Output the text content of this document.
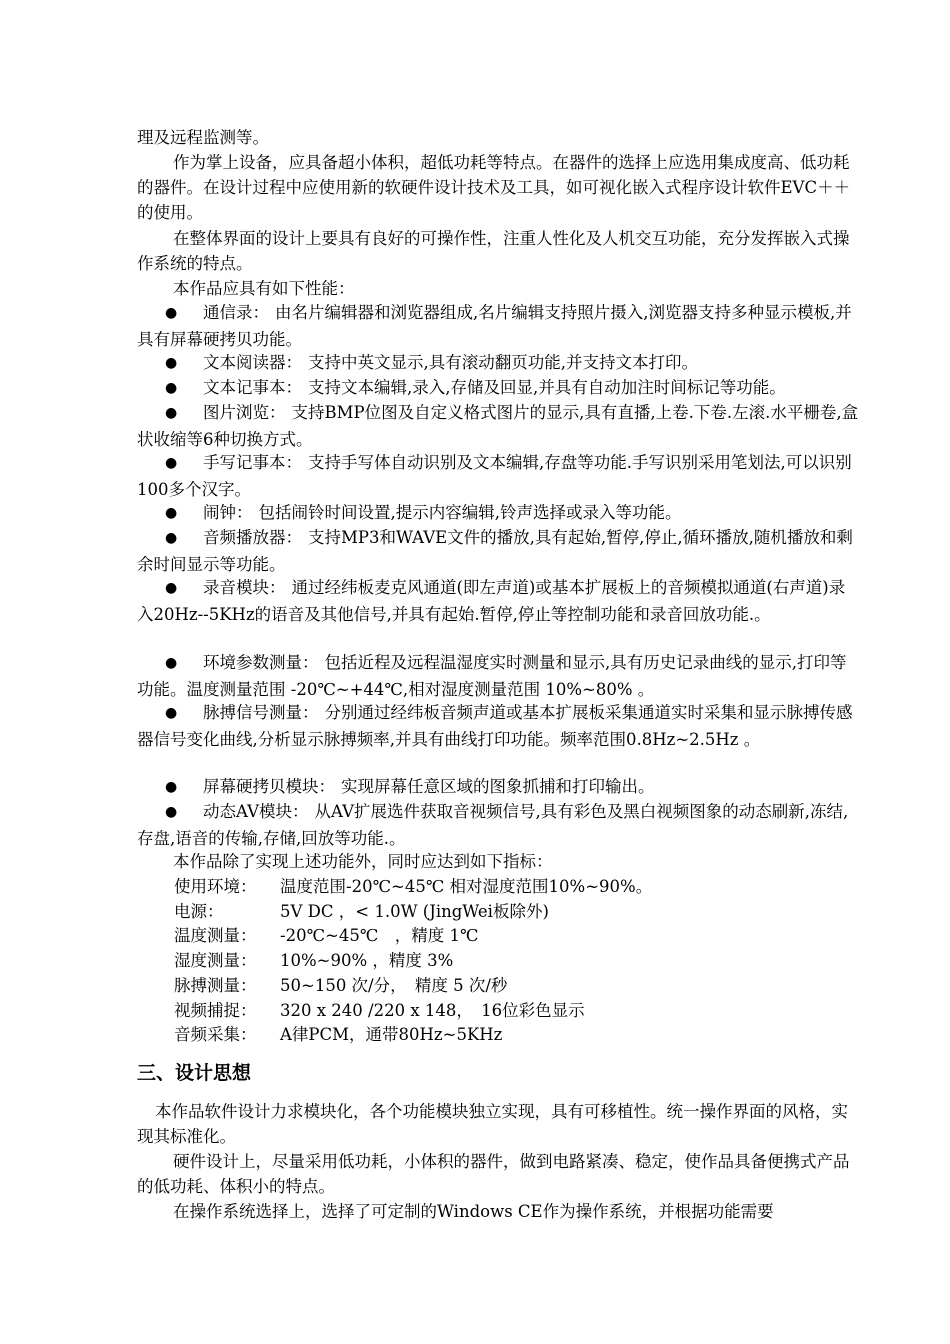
理及远程监测等。

作为掌上设备，应具备超小体积，超低功耗等特点。在器件的选择上应选用集成度高、低功耗的器件。在设计过程中应使用新的软硬件设计技术及工具，如可视化嵌入式程序设计软件EVC＋＋的使用。

在整体界面的设计上要具有良好的可操作性，注重人性化及人机交互功能，充分发挥嵌入式操作系统的特点。

本作品应具有如下性能：

● 通信录： 由名片编辑器和浏览器组成,名片编辑支持照片摄入,浏览器支持多种显示模板,并具有屏幕硬拷贝功能。

● 文本阅读器： 支持中英文显示,具有滚动翻页功能,并支持文本打印。

● 文本记事本： 支持文本编辑,录入,存储及回显,并具有自动加注时间标记等功能。

● 图片浏览： 支持BMP位图及自定义格式图片的显示,具有直播,上卷.下卷.左滚.水平栅卷,盒状收缩等6种切换方式。

● 手写记事本： 支持手写体自动识别及文本编辑,存盘等功能.手写识别采用笔划法,可以识别100多个汉字。

● 闹钟： 包括闹铃时间设置,提示内容编辑,铃声选择或录入等功能。

● 音频播放器： 支持MP3和WAVE文件的播放,具有起始,暂停,停止,循环播放,随机播放和剩余时间显示等功能。

● 录音模块： 通过经纬板麦克风通道(即左声道)或基本扩展板上的音频模拟通道(右声道)录入20Hz--5KHz的语音及其他信号,并具有起始.暂停,停止等控制功能和录音回放功能.。

● 环境参数测量： 包括近程及远程温湿度实时测量和显示,具有历史记录曲线的显示,打印等功能。温度测量范围 -20℃~+44℃,相对湿度测量范围 10%~80% 。

● 脉搏信号测量： 分别通过经纬板音频声道或基本扩展板采集通道实时采集和显示脉搏传感器信号变化曲线,分析显示脉搏频率,并具有曲线打印功能。频率范围0.8Hz~2.5Hz 。

● 屏幕硬拷贝模块： 实现屏幕任意区域的图象抓捕和打印输出。

● 动态AV模块： 从AV扩展选件获取音视频信号,具有彩色及黑白视频图象的动态刷新,冻结,存盘,语音的传输,存储,回放等功能.。

本作品除了实现上述功能外，同时应达到如下指标：

使用环境： 温度范围-20℃~45℃ 相对湿度范围10%~90%。
电源：	5V DC ，< 1.0W (JingWei板除外)
温度测量： -20℃~45℃　，精度 1℃
湿度测量： 10%~90% ，精度 3%
脉搏测量： 50~150 次/分，　精度 5 次/秒
视频捕捉： 320 x 240 /220 x 148，　16位彩色显示
音频采集： A律PCM，通带80Hz~5KHz
三、设计思想

本作品软件设计力求模块化，各个功能模块独立实现，具有可移植性。统一操作界面的风格，实现其标准化。

硬件设计上，尽量采用低功耗，小体积的器件，做到电路紧凑、稳定，使作品具备便携式产品的低功耗、体积小的特点。

在操作系统选择上，选择了可定制的Windows CE作为操作系统，并根据功能需要
